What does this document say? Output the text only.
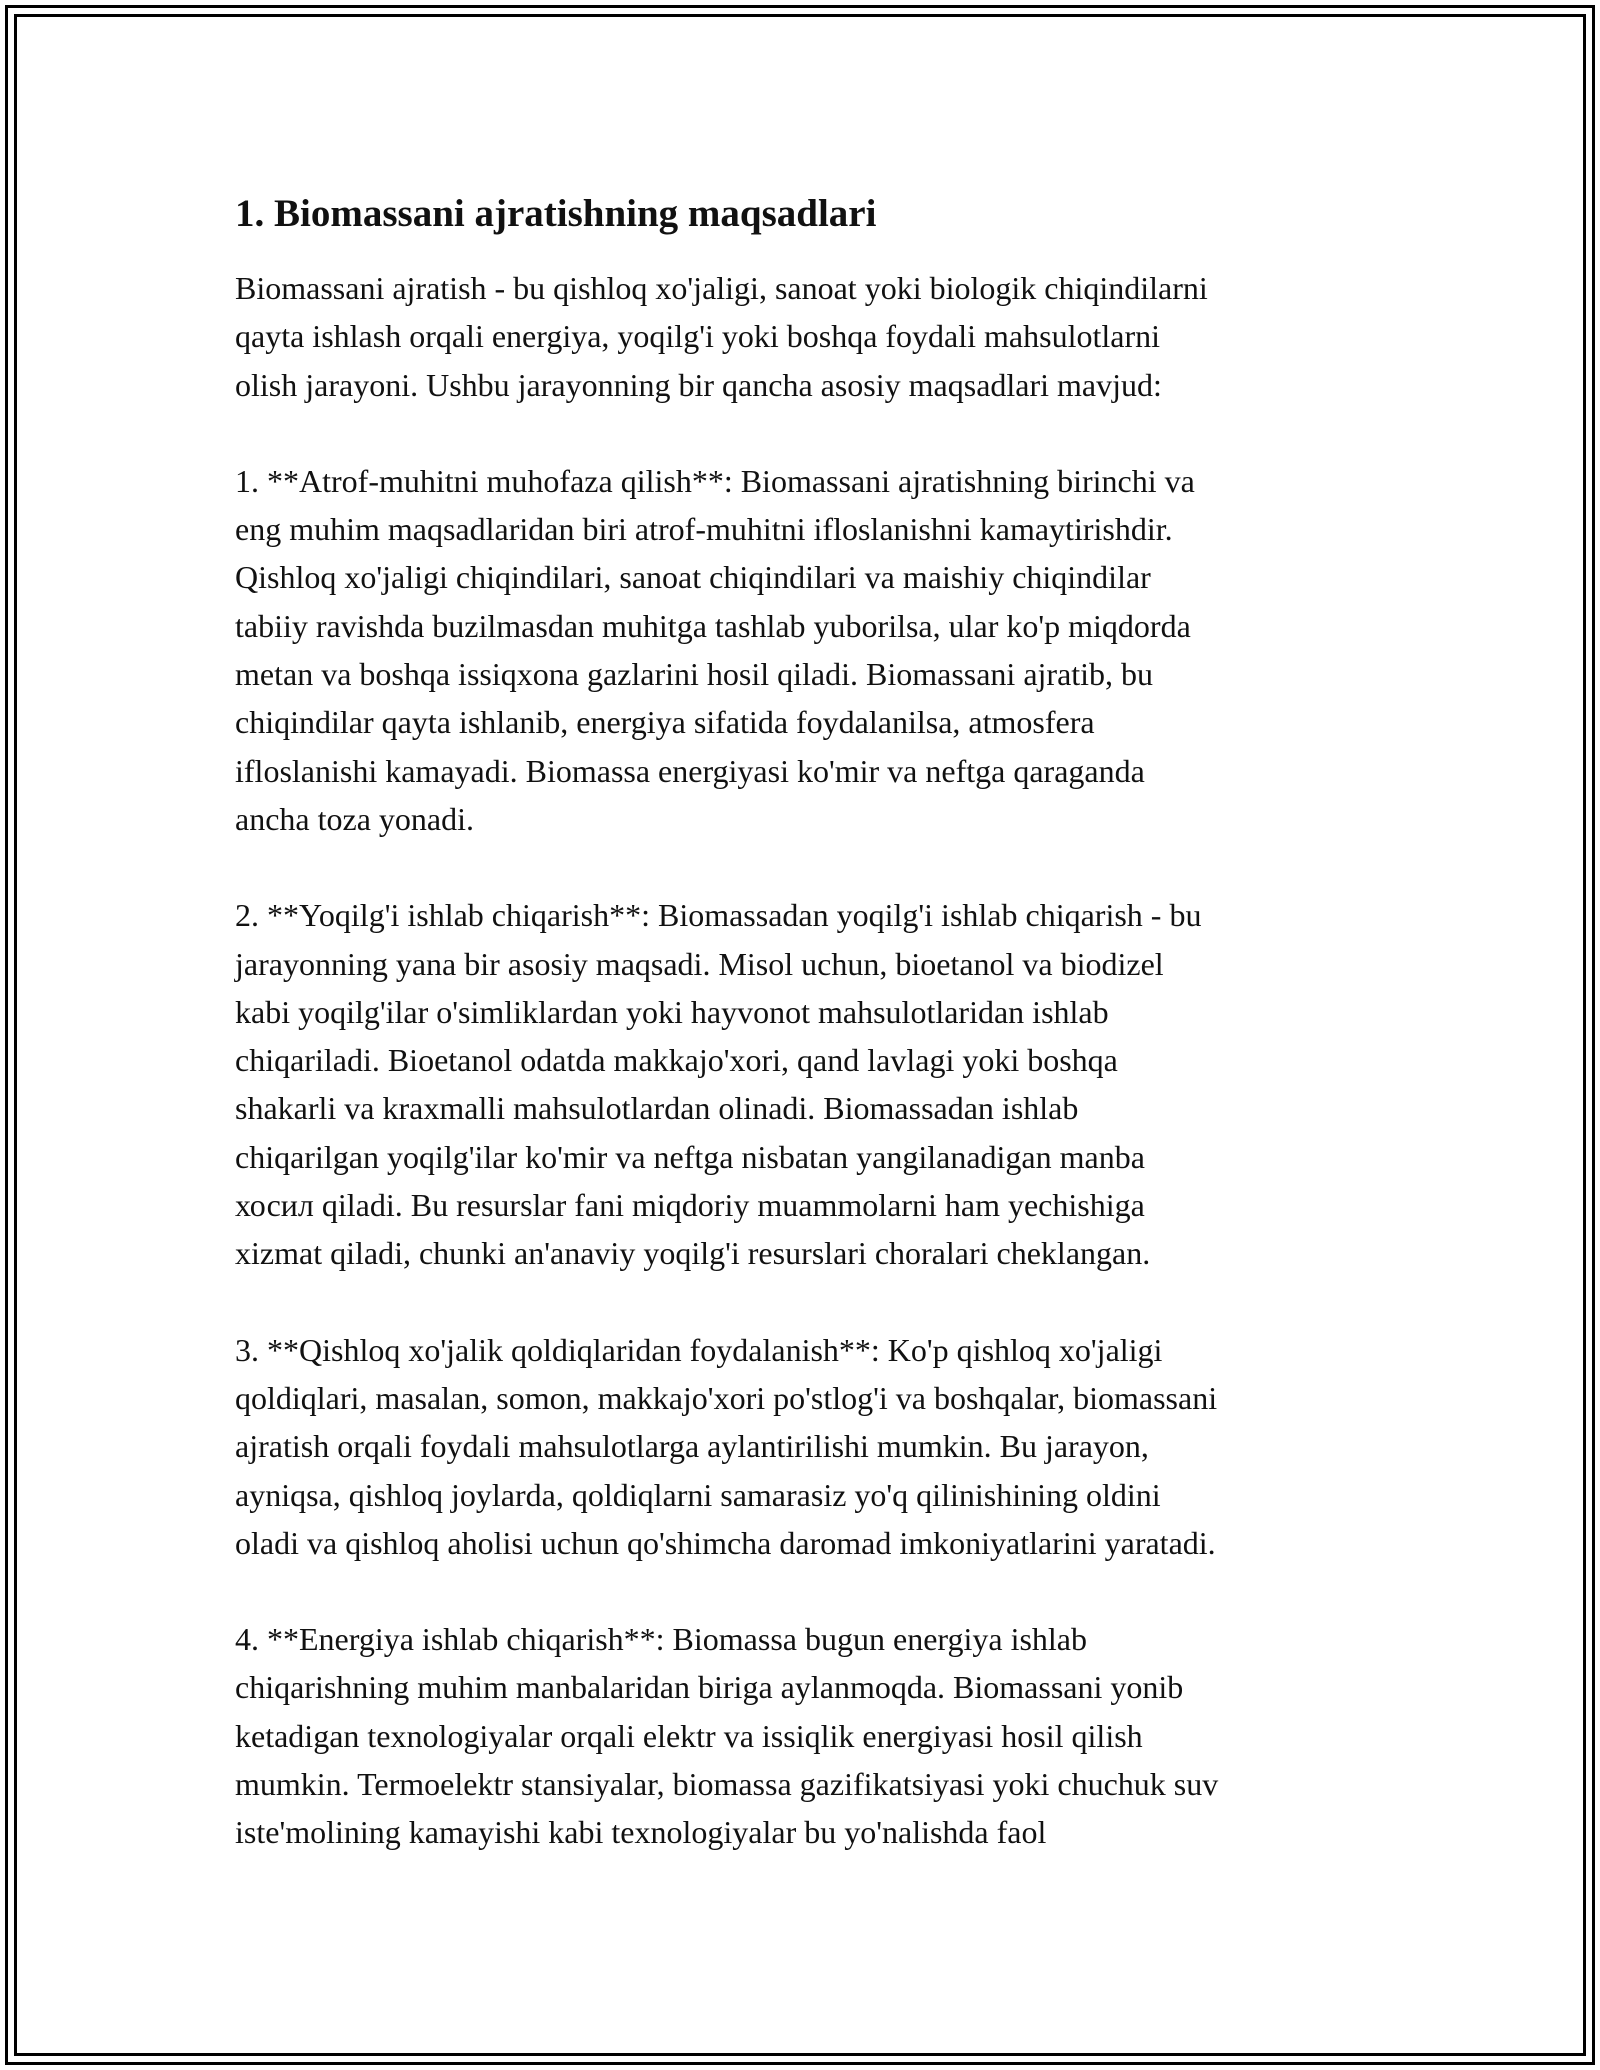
1. Biomassani ajratishning maqsadlari

Biomassani ajratish - bu qishloq xo'jaligi, sanoat yoki biologik chiqindilarni
qayta ishlash orqali energiya, yoqilg'i yoki boshqa foydali mahsulotlarni
olish jarayoni. Ushbu jarayonning bir qancha asosiy maqsadlari mavjud:

1. **Atrof-muhitni muhofaza qilish**: Biomassani ajratishning birinchi va
eng muhim maqsadlaridan biri atrof-muhitni ifloslanishni kamaytirishdir.
Qishloq xo'jaligi chiqindilari, sanoat chiqindilari va maishiy chiqindilar
tabiiy ravishda buzilmasdan muhitga tashlab yuborilsa, ular ko'p miqdorda
metan va boshqa issiqxona gazlarini hosil qiladi. Biomassani ajratib, bu
chiqindilar qayta ishlanib, energiya sifatida foydalanilsa, atmosfera
ifloslanishi kamayadi. Biomassa energiyasi ko'mir va neftga qaraganda
ancha toza yonadi.

2. **Yoqilg'i ishlab chiqarish**: Biomassadan yoqilg'i ishlab chiqarish - bu
jarayonning yana bir asosiy maqsadi. Misol uchun, bioetanol va biodizel
kabi yoqilg'ilar o'simliklardan yoki hayvonot mahsulotlaridan ishlab
chiqariladi. Bioetanol odatda makkajo'xori, qand lavlagi yoki boshqa
shakarli va kraxmalli mahsulotlardan olinadi. Biomassadan ishlab
chiqarilgan yoqilg'ilar ko'mir va neftga nisbatan yangilanadigan manba
хосил qiladi. Bu resurslar fani miqdoriy muammolarni ham yechishiga
xizmat qiladi, chunki an'anaviy yoqilg'i resurslari choralari cheklangan.

3. **Qishloq xo'jalik qoldiqlaridan foydalanish**: Ko'p qishloq xo'jaligi
qoldiqlari, masalan, somon, makkajo'xori po'stlog'i va boshqalar, biomassani
ajratish orqali foydali mahsulotlarga aylantirilishi mumkin. Bu jarayon,
ayniqsa, qishloq joylarda, qoldiqlarni samarasiz yo'q qilinishining oldini
oladi va qishloq aholisi uchun qo'shimcha daromad imkoniyatlarini yaratadi.

4. **Energiya ishlab chiqarish**: Biomassa bugun energiya ishlab
chiqarishning muhim manbalaridan biriga aylanmoqda. Biomassani yonib
ketadigan texnologiyalar orqali elektr va issiqlik energiyasi hosil qilish
mumkin. Termoelektr stansiyalar, biomassa gazifikatsiyasi yoki chuchuk suv
iste'molining kamayishi kabi texnologiyalar bu yo'nalishda faol
